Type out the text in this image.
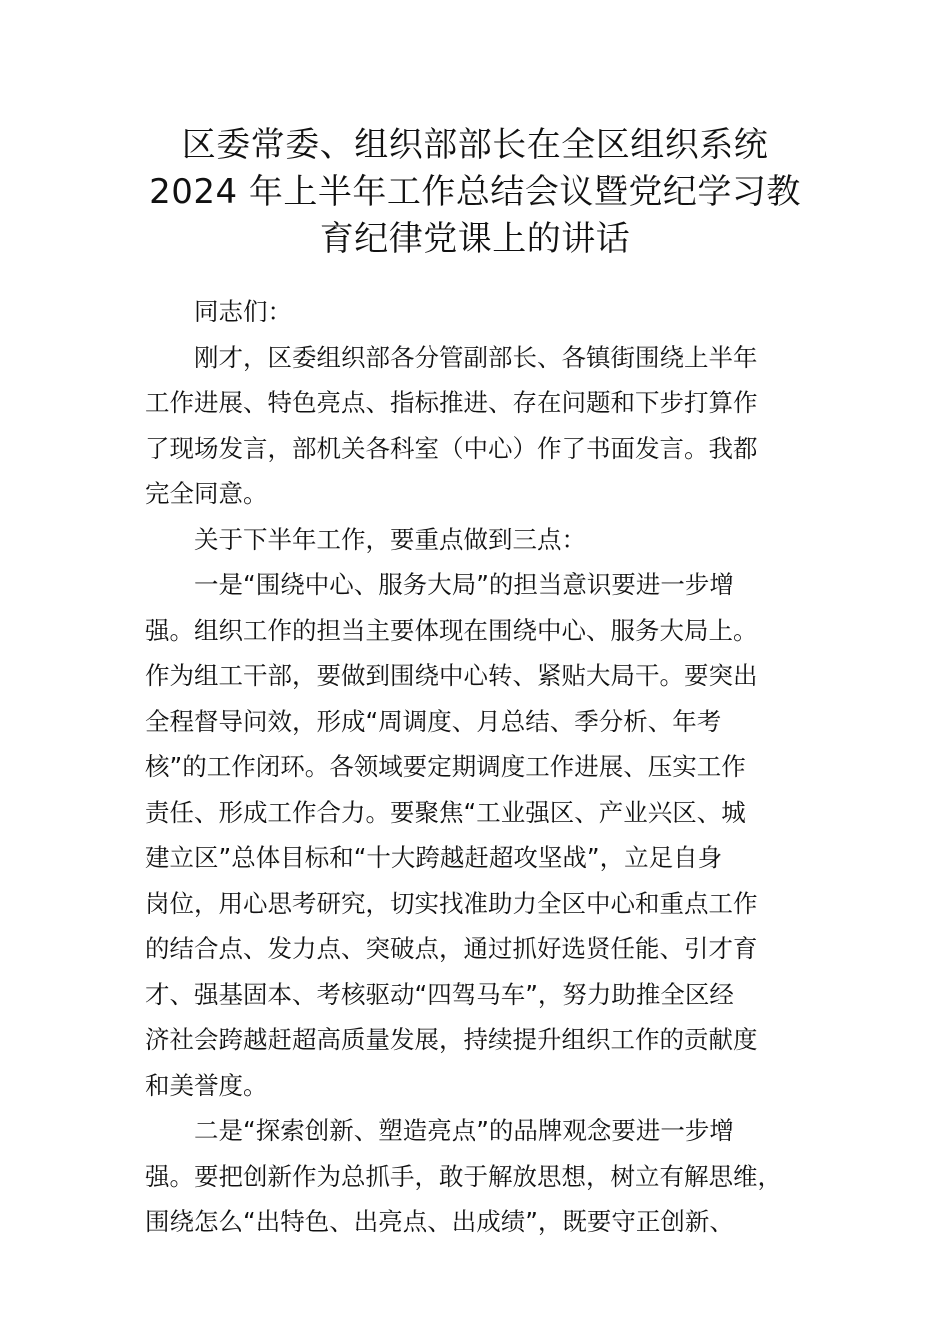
区委常委、组织部部长在全区组织系统
2024 年上半年工作总结会议暨党纪学习教
育纪律党课上的讲话
同志们：
刚才，区委组织部各分管副部长、各镇街围绕上半年
工作进展、特色亮点、指标推进、存在问题和下步打算作
了现场发言，部机关各科室（中心）作了书面发言。我都
完全同意。
关于下半年工作，要重点做到三点：
一是“围绕中心、服务大局”的担当意识要进一步增
强。组织工作的担当主要体现在围绕中心、服务大局上。
作为组工干部，要做到围绕中心转、紧贴大局干。要突出
全程督导问效，形成“周调度、月总结、季分析、年考
核”的工作闭环。各领域要定期调度工作进展、压实工作
责任、形成工作合力。要聚焦“工业强区、产业兴区、城
建立区”总体目标和“十大跨越赶超攻坚战”，立足自身
岗位，用心思考研究，切实找准助力全区中心和重点工作
的结合点、发力点、突破点，通过抓好选贤任能、引才育
才、强基固本、考核驱动“四驾马车”，努力助推全区经
济社会跨越赶超高质量发展，持续提升组织工作的贡献度
和美誉度。
二是“探索创新、塑造亮点”的品牌观念要进一步增
强。要把创新作为总抓手，敢于解放思想，树立有解思维，
围绕怎么“出特色、出亮点、出成绩”，既要守正创新、
